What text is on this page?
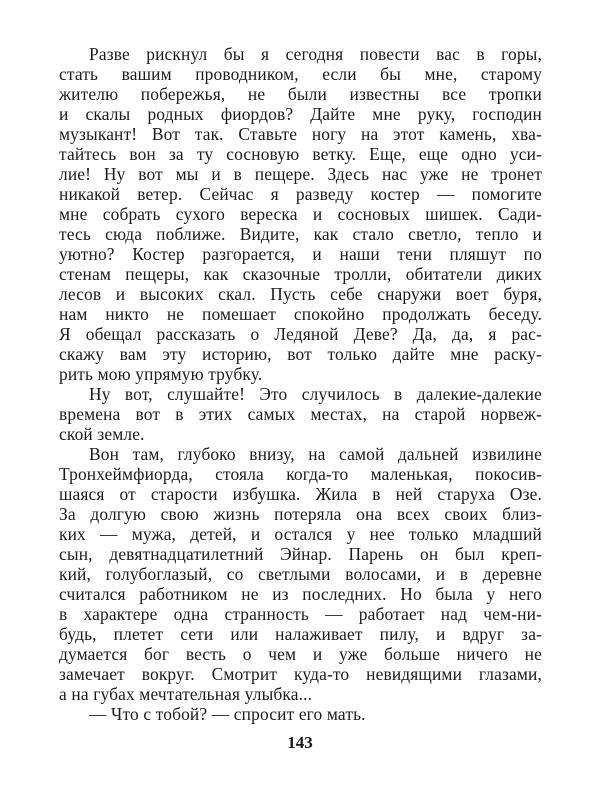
Разве рискнул бы я сегодня повести вас в горы,
стать вашим проводником, если бы мне, старому
жителю побережья, не были известны все тропки
и скалы родных фиордов? Дайте мне руку, господин
музыкант! Вот так. Ставьте ногу на этот камень, хва-
тайтесь вон за ту сосновую ветку. Еще, еще одно уси-
лие! Ну вот мы и в пещере. Здесь нас уже не тронет
никакой ветер. Сейчас я разведу костер — помогите
мне собрать сухого вереска и сосновых шишек. Сади-
тесь сюда поближе. Видите, как стало светло, тепло и
уютно? Костер разгорается, и наши тени пляшут по
стенам пещеры, как сказочные тролли, обитатели диких
лесов и высоких скал. Пусть себе снаружи воет буря,
нам никто не помешает спокойно продолжать беседу.
Я обещал рассказать о Ледяной Деве? Да, да, я рас-
скажу вам эту историю, вот только дайте мне раску-
рить мою упрямую трубку.
Ну вот, слушайте! Это случилось в далекие-далекие
времена вот в этих самых местах, на старой норвеж-
ской земле.
Вон там, глубоко внизу, на самой дальней извилине
Тронхеймфиорда, стояла когда-то маленькая, покосив-
шаяся от старости избушка. Жила в ней старуха Озе.
За долгую свою жизнь потеряла она всех своих близ-
ких — мужа, детей, и остался у нее только младший
сын, девятнадцатилетний Эйнар. Парень он был креп-
кий, голубоглазый, со светлыми волосами, и в деревне
считался работником не из последних. Но была у него
в характере одна странность — работает над чем-ни-
будь, плетет сети или налаживает пилу, и вдруг за-
думается бог весть о чем и уже больше ничего не
замечает вокруг. Смотрит куда-то невидящими глазами,
а на губах мечтательная улыбка...
— Что с тобой? — спросит его мать.
143
